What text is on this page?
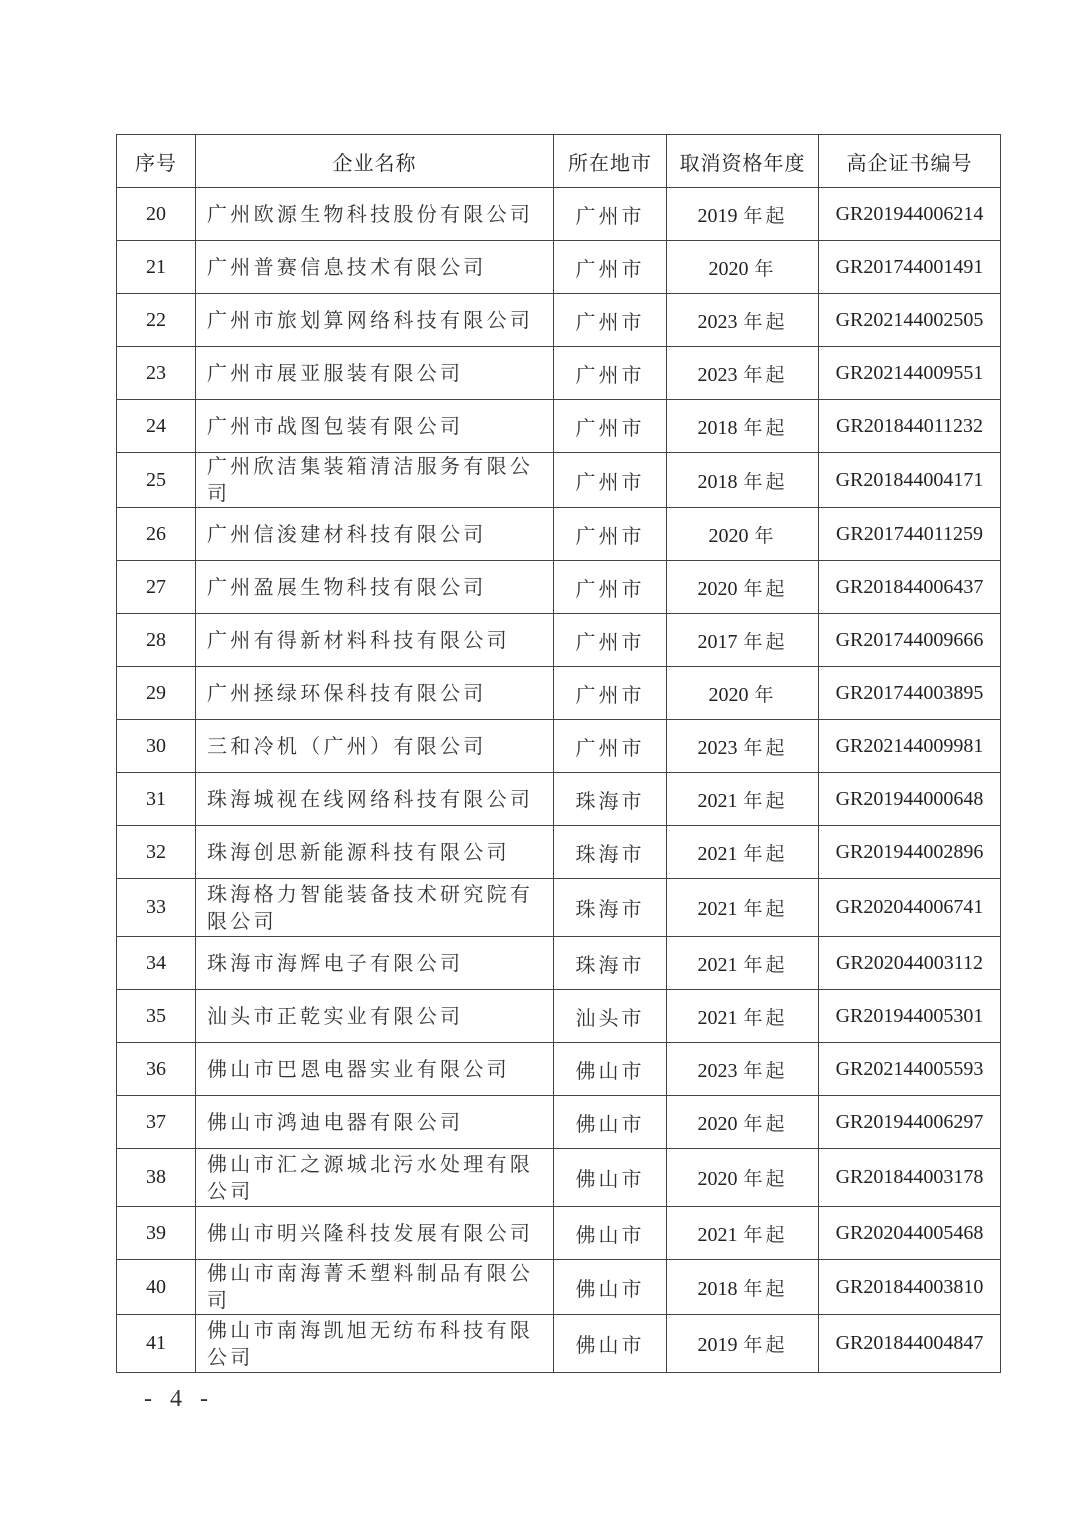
序号	企业名称	所在地市	取消资格年度	高企证书编号
20	广州欧源生物科技股份有限公司	广州市	2019 年起	GR201944006214
21	广州普赛信息技术有限公司	广州市	2020 年	GR201744001491
22	广州市旅划算网络科技有限公司	广州市	2023 年起	GR202144002505
23	广州市展亚服装有限公司	广州市	2023 年起	GR202144009551
24	广州市战图包装有限公司	广州市	2018 年起	GR201844011232
25	广州欣洁集装箱清洁服务有限公司	广州市	2018 年起	GR201844004171
26	广州信浚建材科技有限公司	广州市	2020 年	GR201744011259
27	广州盈展生物科技有限公司	广州市	2020 年起	GR201844006437
28	广州有得新材料科技有限公司	广州市	2017 年起	GR201744009666
29	广州拯绿环保科技有限公司	广州市	2020 年	GR201744003895
30	三和冷机（广州）有限公司	广州市	2023 年起	GR202144009981
31	珠海城视在线网络科技有限公司	珠海市	2021 年起	GR201944000648
32	珠海创思新能源科技有限公司	珠海市	2021 年起	GR201944002896
33	珠海格力智能装备技术研究院有限公司	珠海市	2021 年起	GR202044006741
34	珠海市海辉电子有限公司	珠海市	2021 年起	GR202044003112
35	汕头市正乾实业有限公司	汕头市	2021 年起	GR201944005301
36	佛山市巴恩电器实业有限公司	佛山市	2023 年起	GR202144005593
37	佛山市鸿迪电器有限公司	佛山市	2020 年起	GR201944006297
38	佛山市汇之源城北污水处理有限公司	佛山市	2020 年起	GR201844003178
39	佛山市明兴隆科技发展有限公司	佛山市	2021 年起	GR202044005468
40	佛山市南海菁禾塑料制品有限公司	佛山市	2018 年起	GR201844003810
41	佛山市南海凯旭无纺布科技有限公司	佛山市	2019 年起	GR201844004847
- 4 -
